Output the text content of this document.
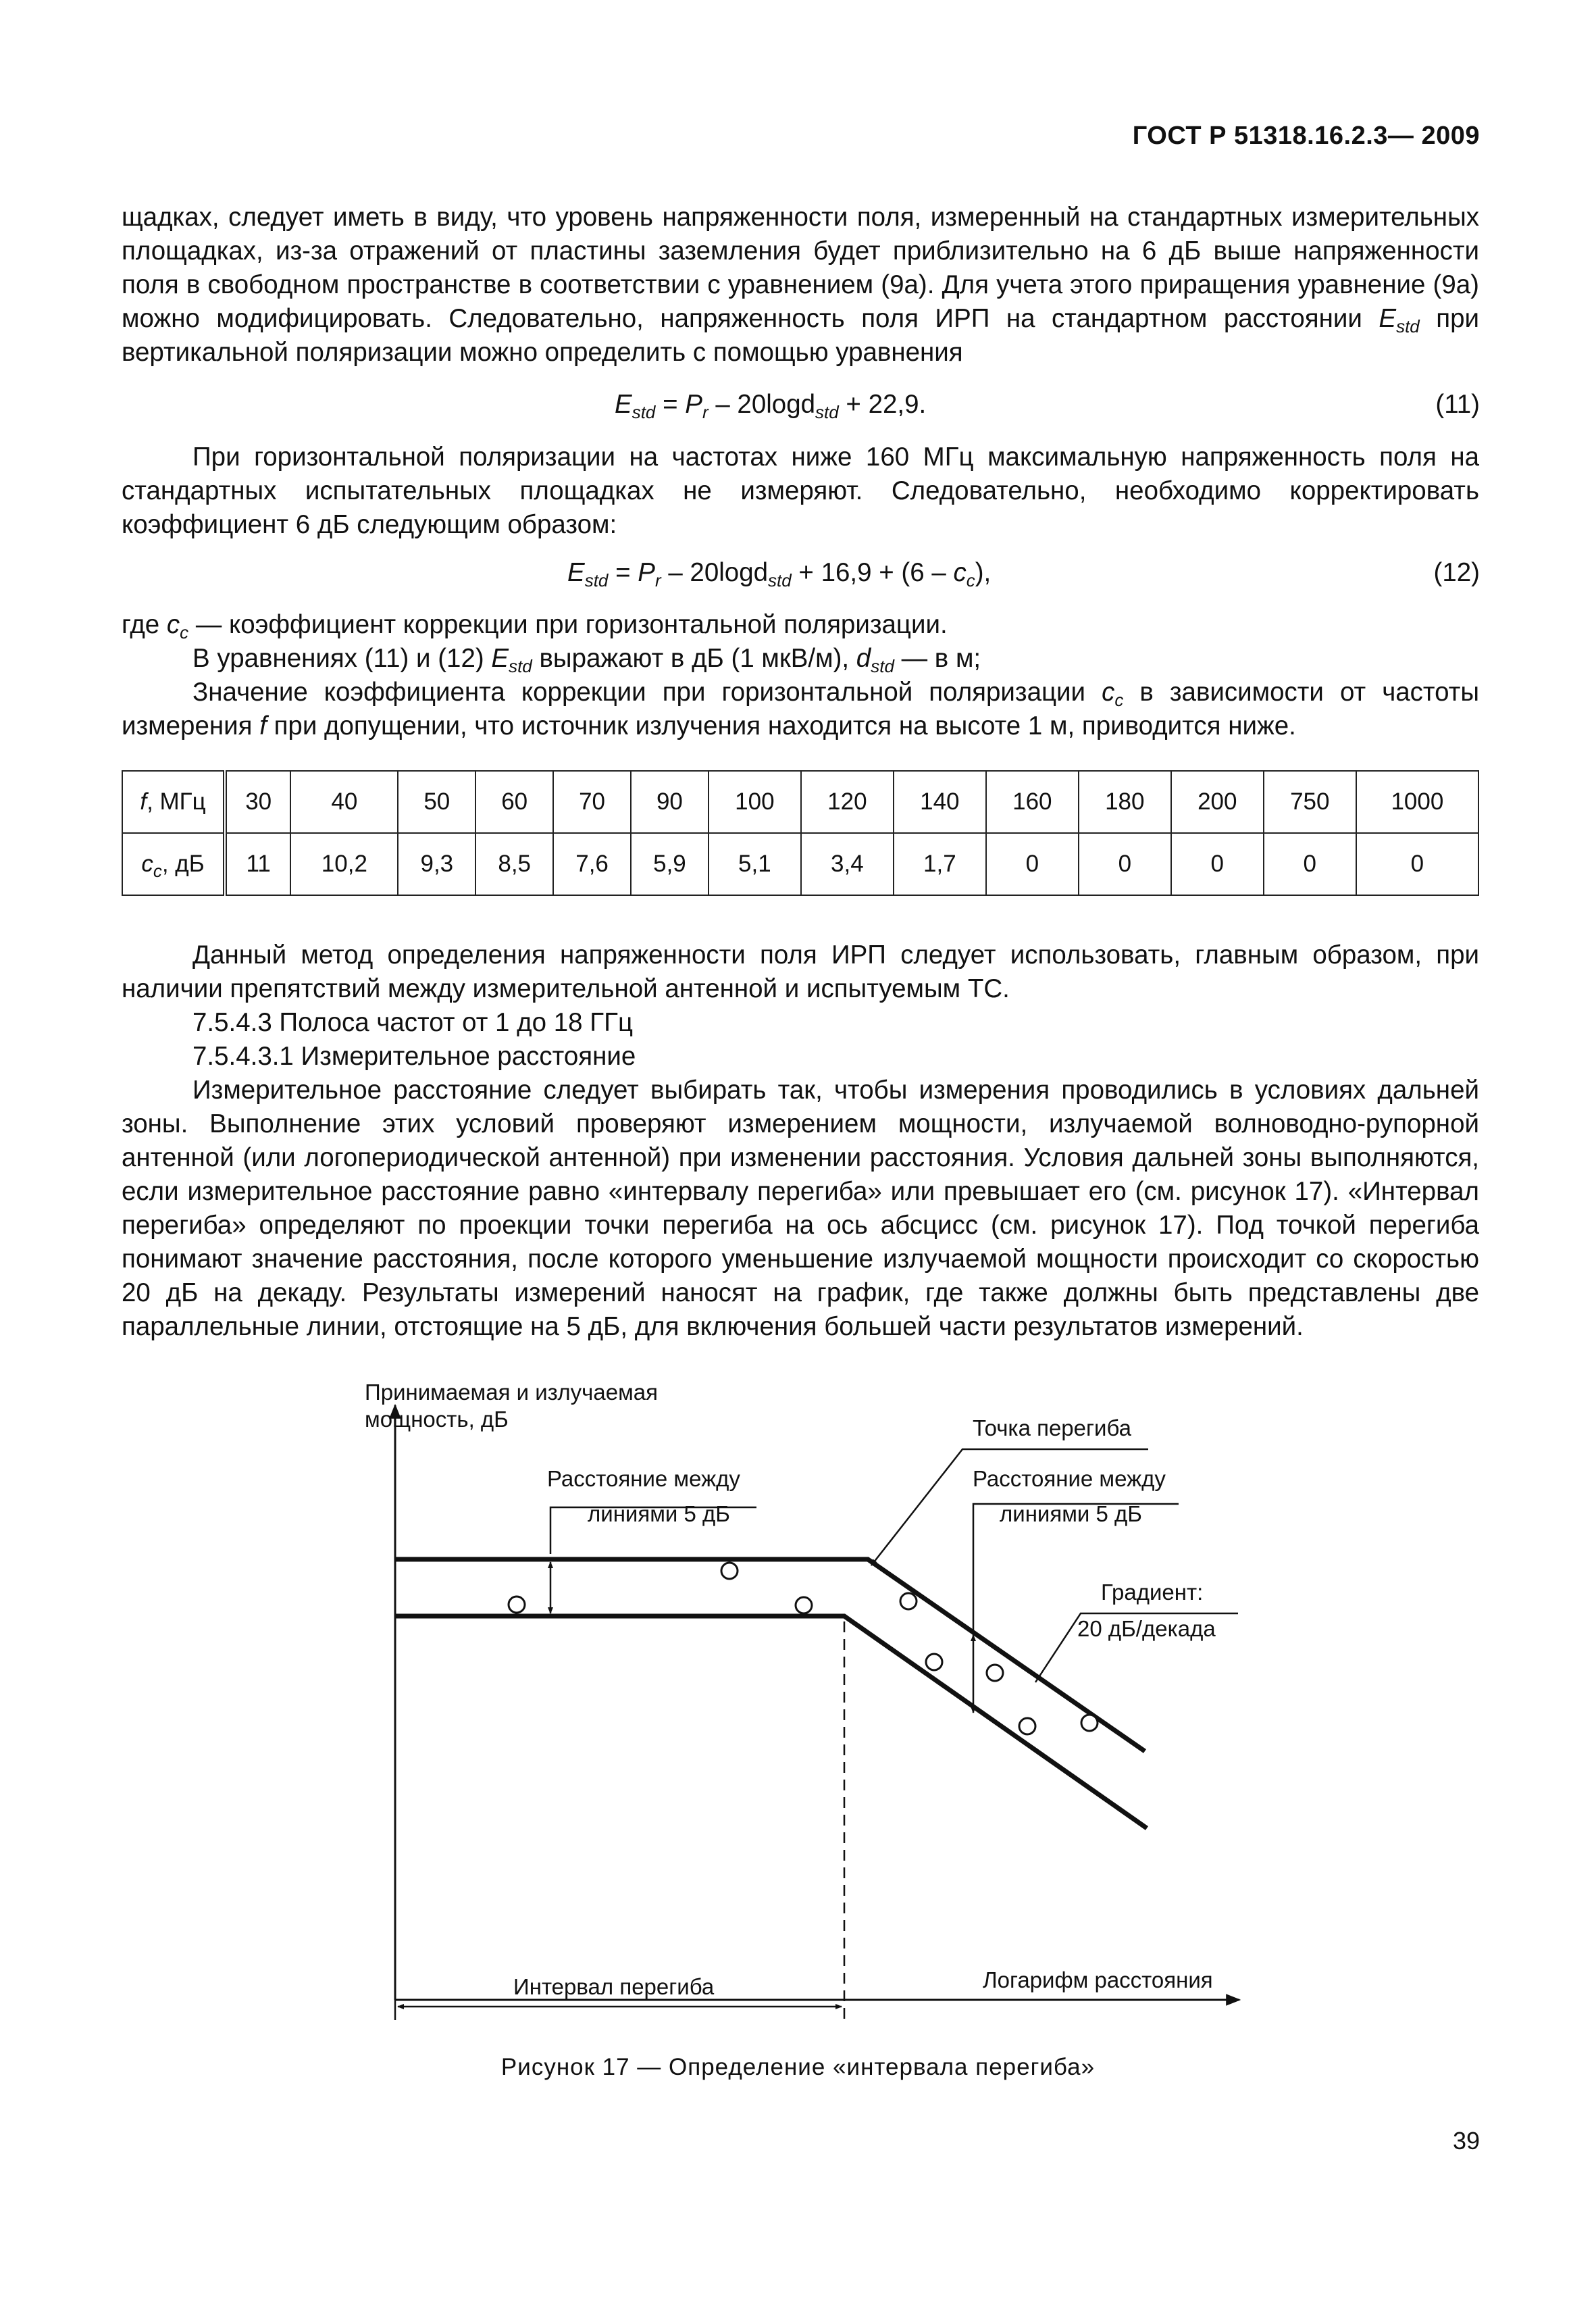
ГОСТ Р 51318.16.2.3— 2009

щадках, следует иметь в виду, что уровень напряженности поля, измеренный на стандартных измерительных площадках, из-за отражений от пластины заземления будет приблизительно на 6 дБ выше напряженности поля в свободном пространстве в соответствии с уравнением (9а). Для учета этого приращения уравнение (9а) можно модифицировать. Следовательно, напряженность поля ИРП на стандартном расстоянии $E_{std}$ при вертикальной поляризации можно определить с помощью уравнения

$E_{std} = P_r - 20\log d_{std} + 22,9$.	(11)

При горизонтальной поляризации на частотах ниже 160 МГц максимальную напряженность поля на стандартных испытательных площадках не измеряют. Следовательно, необходимо корректировать коэффициент 6 дБ следующим образом:

$E_{std} = P_r - 20\log d_{std} + 16,9 + (6 - c_c)$,	(12)

где $c_c$ — коэффициент коррекции при горизонтальной поляризации.

В уравнениях (11) и (12) $E_{std}$ выражают в дБ (1 мкВ/м), $d_{std}$ — в м;

Значение коэффициента коррекции при горизонтальной поляризации $c_c$ в зависимости от частоты измерения f при допущении, что источник излучения находится на высоте 1 м, приводится ниже.

f, МГц	30	40	50	60	70	90	100	120	140	160	180	200	750	1000
$c_c$, дБ	11	10,2	9,3	8,5	7,6	5,9	5,1	3,4	1,7	0	0	0	0	0

Данный метод определения напряженности поля ИРП следует использовать, главным образом, при наличии препятствий между измерительной антенной и испытуемым ТС.

7.5.4.3 Полоса частот от 1 до 18 ГГц

7.5.4.3.1 Измерительное расстояние

Измерительное расстояние следует выбирать так, чтобы измерения проводились в условиях дальней зоны. Выполнение этих условий проверяют измерением мощности, излучаемой волноводно-рупорной антенной (или логопериодической антенной) при изменении расстояния. Условия дальней зоны выполняются, если измерительное расстояние равно «интервалу перегиба» или превышает его (см. рисунок 17). «Интервал перегиба» определяют по проекции точки перегиба на ось абсцисс (см. рисунок 17). Под точкой перегиба понимают значение расстояния, после которого уменьшение излучаемой мощности происходит со скоростью 20 дБ на декаду. Результаты измерений наносят на график, где также должны быть представлены две параллельные линии, отстоящие на 5 дБ, для включения большей части результатов измерений.

Принимаемая и излучаемая
мощность, дБ	Точка перегиба
Расстояние между
линиями 5 дБ
Расстояние между
линиями 5 дБ
Градиент:
20 дБ/декада
Интервал перегиба	Логарифм расстояния
Рисунок 17 — Определение «интервала перегиба»
39
